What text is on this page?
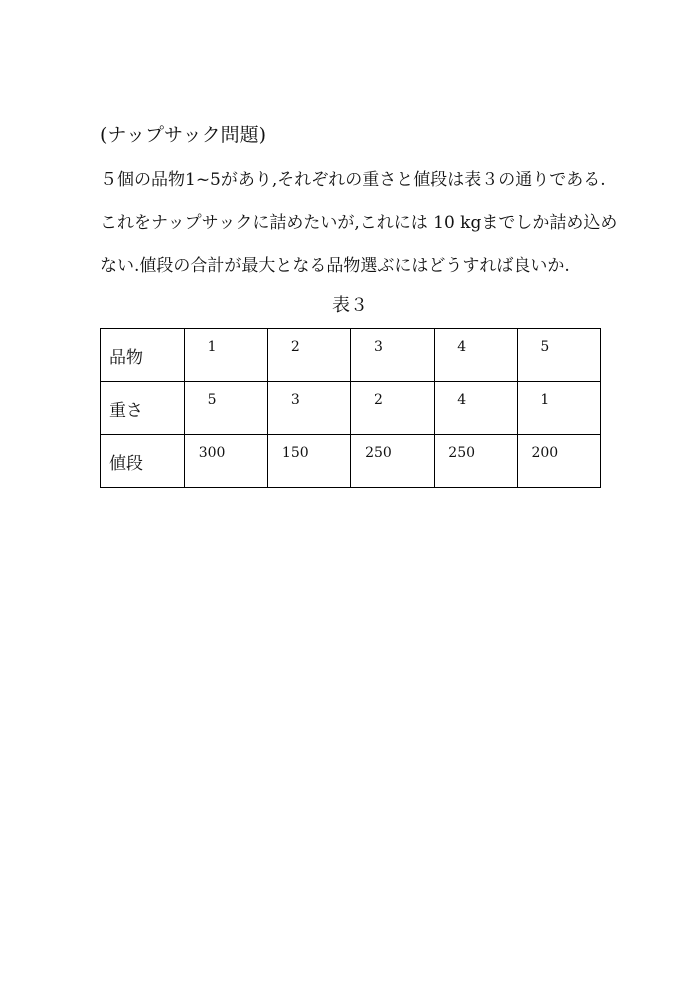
(ナップサック問題)
５個の品物1~5があり,それぞれの重さと値段は表３の通りである.
これをナップサックに詰めたいが,これには 10 kgまでしか詰め込め
ない.値段の合計が最大となる品物選ぶにはどうすれば良いか.
表３
品物	1	2	3	4	5
重さ	5	3	2	4	1
値段	300	150	250	250	200
